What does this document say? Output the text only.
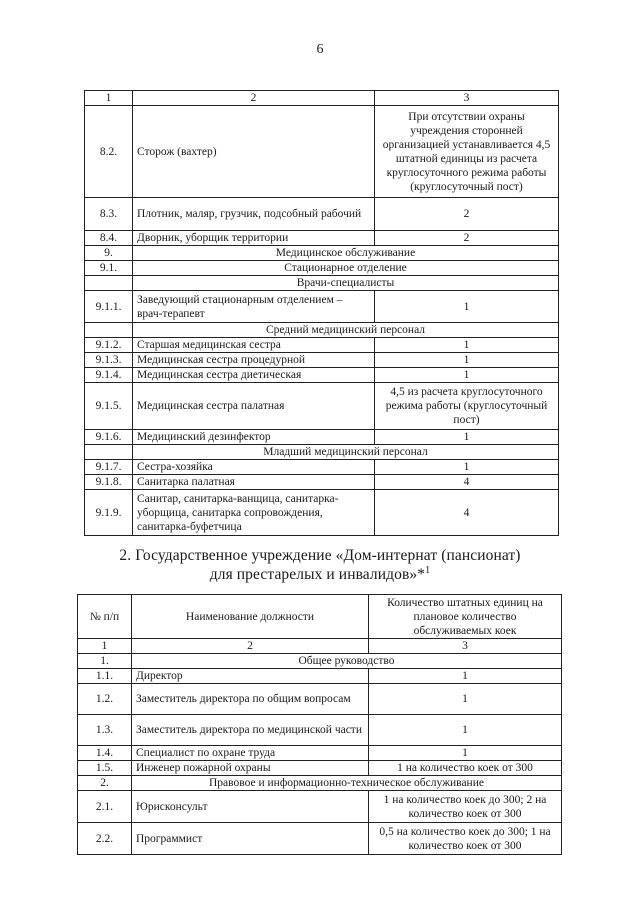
6
1	2	3
8.2.	Сторож (вахтер)	При отсутствии охраны учреждения сторонней организацией устанавливается 4,5 штатной единицы из расчета круглосуточного режима работы (круглосуточный пост)
8.3.	Плотник, маляр, грузчик, подсобный рабочий	2
8.4.	Дворник, уборщик территории	2
9.	Медицинское обслуживание	
9.1.	Стационарное отделение	
	Врачи-специалисты	
9.1.1.	Заведующий стационарным отделением – врач-терапевт	1
	Средний медицинский персонал	
9.1.2.	Старшая медицинская сестра	1
9.1.3.	Медицинская сестра процедурной	1
9.1.4.	Медицинская сестра диетическая	1
9.1.5.	Медицинская сестра палатная	4,5 из расчета круглосуточного режима работы (круглосуточный пост)
9.1.6.	Медицинский дезинфектор	1
	Младший медицинский персонал	
9.1.7.	Сестра-хозяйка	1
9.1.8.	Санитарка палатная	4
9.1.9.	Санитар, санитарка-ванщица, санитарка-уборщица, санитарка сопровождения, санитарка-буфетчица	4
2. Государственное учреждение «Дом-интернат (пансионат)
для престарелых и инвалидов»*$^1$
№ п/п	Наименование должности	Количество штатных единиц на плановое количество обслуживаемых коек
1	2	3
1.	Общее руководство	
1.1.	Директор	1
1.2.	Заместитель директора по общим вопросам	1
1.3.	Заместитель директора по медицинской части	1
1.4.	Специалист по охране труда	1
1.5.	Инженер пожарной охраны	1 на количество коек от 300
2.	Правовое и информационно-техническое обслуживание	
2.1.	Юрисконсульт	1 на количество коек до 300; 2 на количество коек от 300
2.2.	Программист	0,5 на количество коек до 300; 1 на количество коек от 300
